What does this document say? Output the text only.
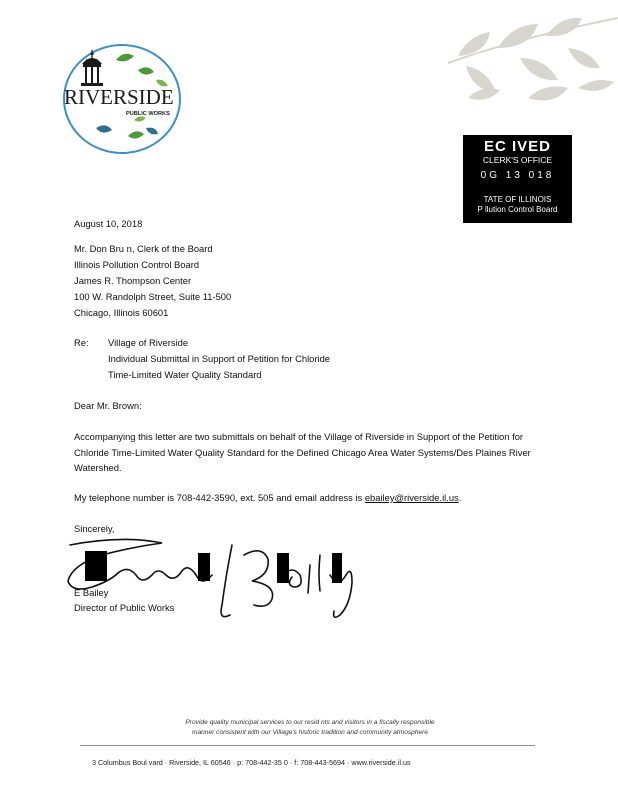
RIVERSIDE
PUBLIC WORKS
EC IVED
CLERK'S OFFICE
0G 13 018
TATE OF ILLINOIS
P llution Control Board
August 10, 2018
Mr. Don Bru n, Clerk of the Board
Illinois Pollution Control Board
James R. Thompson Center
100 W. Randolph Street, Suite 11-500
Chicago, Illinois 60601
Re: Village of Riverside
Individual Submittal in Support of Petition for Chloride
Time-Limited Water Quality Standard
Dear Mr. Brown:
Accompanying this letter are two submittals on behalf of the Village of Riverside in Support of the Petition for Chloride Time-Limited Water Quality Standard for the Defined Chicago Area Water Systems/Des Plaines River Watershed.
My telephone number is 708-442-3590, ext. 505 and email address is ebailey@riverside.il.us.
Sincerely,
E Bailey
Director of Public Works
Provide quality municipal services to our resid nts and visitors in a fiscally responsible
manner consistent with our Village's historic tradition and community atmosphere
3 Columbus Boul vard · Riverside, IL 60546 · p: 708-442-35 0 · f: 708-443-5694 · www.riverside.il.us
